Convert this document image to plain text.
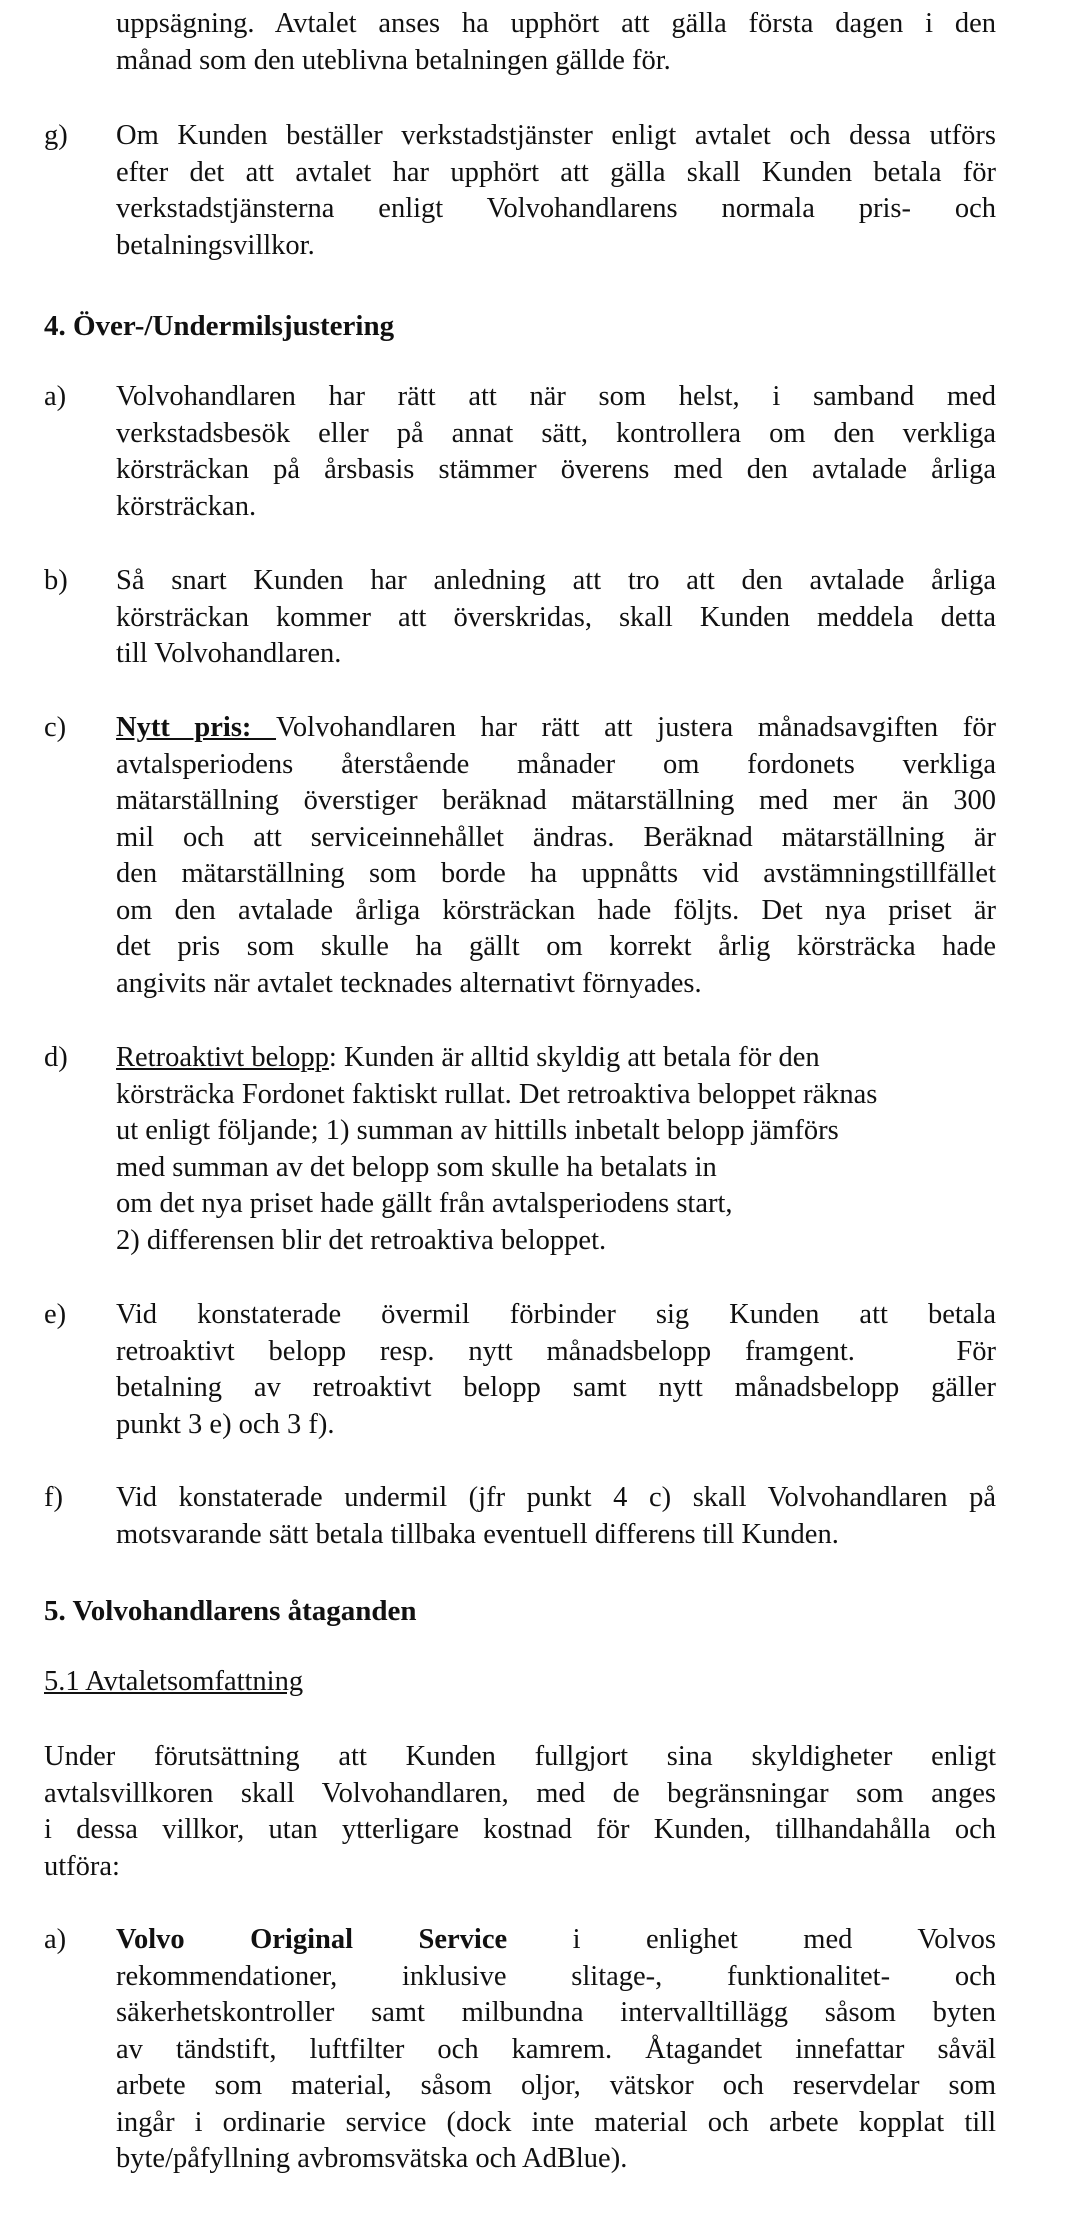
uppsägning. Avtalet anses ha upphört att gälla första dagen i den
månad som den uteblivna betalningen gällde för.
g) Om Kunden beställer verkstadstjänster enligt avtalet och dessa utförs
efter det att avtalet har upphört att gälla skall Kunden betala för
verkstadstjänsterna enligt Volvohandlarens normala pris- och
betalningsvillkor.
4. Över-/Undermilsjustering
a) Volvohandlaren har rätt att när som helst, i samband med
verkstadsbesök eller på annat sätt, kontrollera om den verkliga
körsträckan på årsbasis stämmer överens med den avtalade årliga
körsträckan.
b) Så snart Kunden har anledning att tro att den avtalade årliga
körsträckan kommer att överskridas, skall Kunden meddela detta
till Volvohandlaren.
c) Nytt pris: Volvohandlaren har rätt att justera månadsavgiften för
avtalsperiodens återstående månader om fordonets verkliga
mätarställning överstiger beräknad mätarställning med mer än 300
mil och att serviceinnehållet ändras. Beräknad mätarställning är
den mätarställning som borde ha uppnåtts vid avstämningstillfället
om den avtalade årliga körsträckan hade följts. Det nya priset är
det pris som skulle ha gällt om korrekt årlig körsträcka hade
angivits när avtalet tecknades alternativt förnyades.
d) Retroaktivt belopp: Kunden är alltid skyldig att betala för den
körsträcka Fordonet faktiskt rullat. Det retroaktiva beloppet räknas
ut enligt följande; 1) summan av hittills inbetalt belopp jämförs
med summan av det belopp som skulle ha betalats in
om det nya priset hade gällt från avtalsperiodens start,
2) differensen blir det retroaktiva beloppet.
e) Vid konstaterade övermil förbinder sig Kunden att betala
retroaktivt belopp resp. nytt månadsbelopp framgent.   För
betalning av retroaktivt belopp samt nytt månadsbelopp gäller
punkt 3 e) och 3 f).
f) Vid konstaterade undermil (jfr punkt 4 c) skall Volvohandlaren på
motsvarande sätt betala tillbaka eventuell differens till Kunden.
5. Volvohandlarens åtaganden
5.1 Avtaletsomfattning
Under förutsättning att Kunden fullgjort sina skyldigheter enligt
avtalsvillkoren skall Volvohandlaren, med de begränsningar som anges
i dessa villkor, utan ytterligare kostnad för Kunden, tillhandahålla och
utföra:
a) Volvo Original Service i enlighet med Volvos
rekommendationer, inklusive slitage-, funktionalitet- och
säkerhetskontroller samt milbundna intervalltillägg såsom byten
av tändstift, luftfilter och kamrem. Åtagandet innefattar såväl
arbete som material, såsom oljor, vätskor och reservdelar som
ingår i ordinarie service (dock inte material och arbete kopplat till
byte/påfyllning avbromsvätska och AdBlue).
